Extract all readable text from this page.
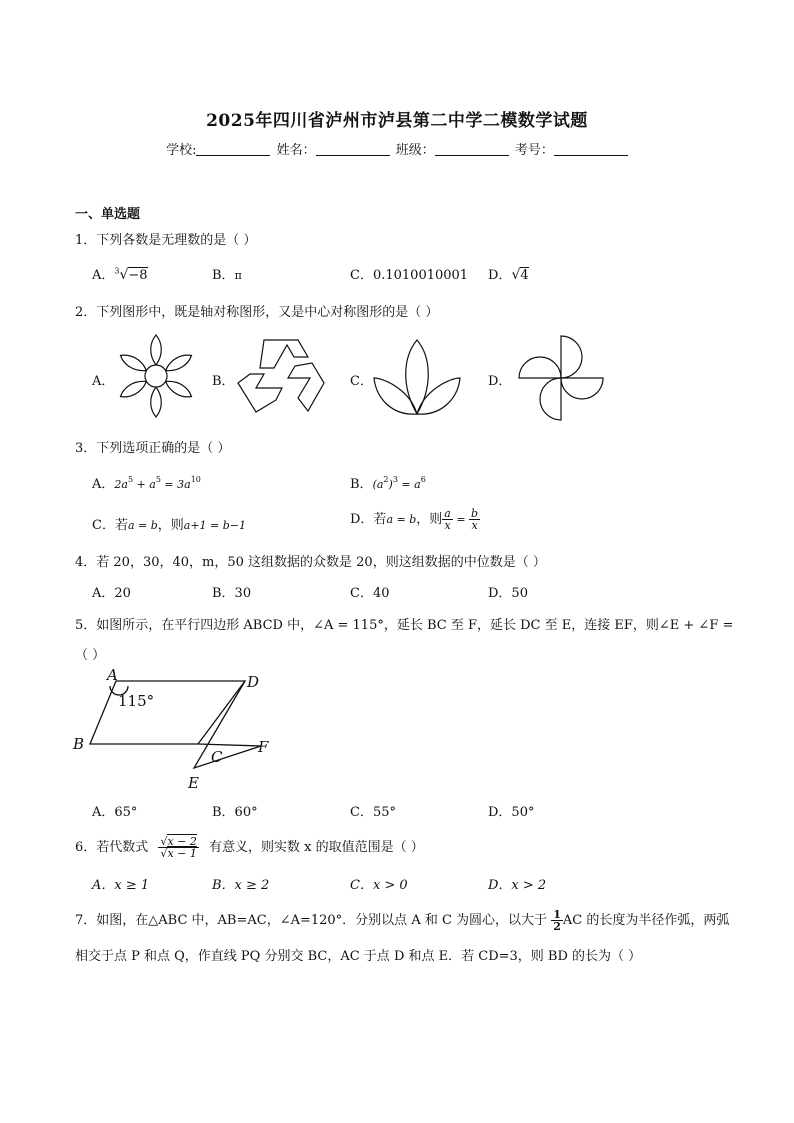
2025年四川省泸州市泸县第二中学二模数学试题
学校:	姓名：	班级：	考号：
一、单选题
1．下列各数是无理数的是（ ）
A．$^3$√−8	B．π	C．0.1010010001 D．√4
2．下列图形中，既是轴对称图形，又是中心对称图形的是（ ）
A．	B．	C．	D．
3．下列选项正确的是（ ）
A．$2a^5 + a^5 = 3a^{10}$	B．$(a^2)^3 = a^6$
C．若a = b，则a+1 = b−1	D．若a = b，则 $\frac{a}{x} = \frac{b}{x}$
4．若 20，30，40，m，50 这组数据的众数是 20，则这组数据的中位数是（ ）
A．20	B．30	C．40	D．50
5．如图所示，在平行四边形 ABCD 中，∠A = 115°，延长 BC 至 F，延长 DC 至 E，连接 EF，则∠E + ∠F =
（ ）
A	D
B
C
F
E
115°
A．65°	B．60°	C．55°	D．50°
6．若代数式 $\frac{√x - 2}{√x - 1}$ 有意义，则实数 x 的取值范围是（ ）
A．x ≥ 1	B．x ≥ 2	C．x > 0	D．x > 2
7．如图，在△ABC 中，AB=AC，∠A=120°．分别以点 A 和 C 为圆心，以大于 $\frac{1}{2}$ AC 的长度为半径作弧，两弧
相交于点 P 和点 Q，作直线 PQ 分别交 BC，AC 于点 D 和点 E．若 CD=3，则 BD 的长为（ ）
